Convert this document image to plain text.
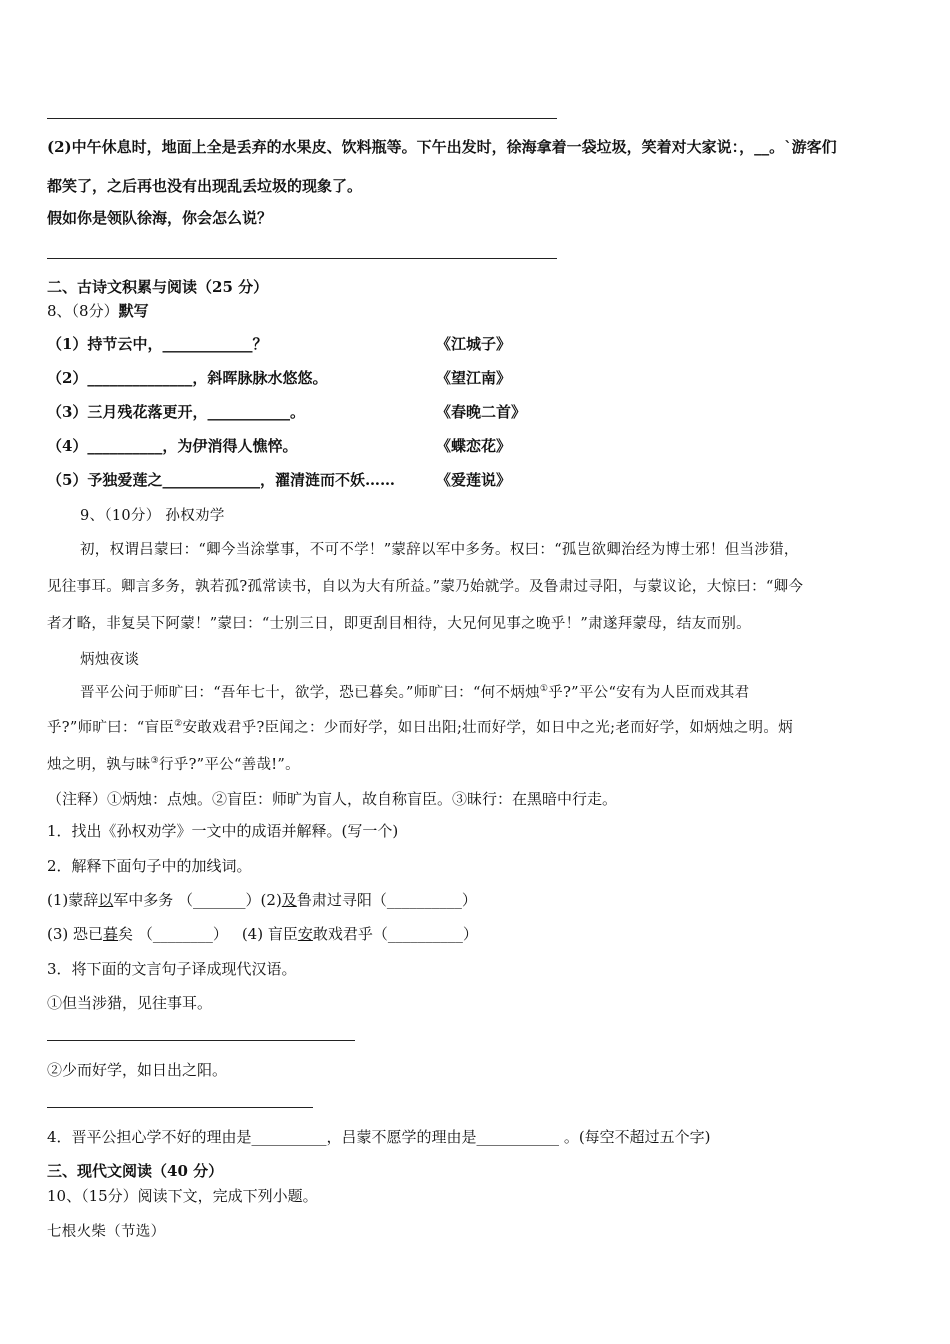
(2)中午休息时，地面上全是丢弃的水果皮、饮料瓶等。下午出发时，徐海拿着一袋垃圾，笑着对大家说：，__。`游客们
都笑了，之后再也没有出现乱丢垃圾的现象了。
假如你是领队徐海，你会怎么说？
二、古诗文积累与阅读（25 分）
8、（8分）默写
（1）持节云中，____________？	《江城子》
（2）______________，斜晖脉脉水悠悠。	《望江南》
（3）三月残花落更开，___________。	《春晚二首》
（4）__________，为伊消得人憔悴。	《蝶恋花》
（5）予独爱莲之_____________，濯清涟而不妖……	《爱莲说》
9、（10分） 孙权劝学
初，权谓吕蒙曰：“卿今当涂掌事，不可不学！”蒙辞以军中多务。权曰：“孤岂欲卿治经为博士邪！但当涉猎，
见往事耳。卿言多务，孰若孤?孤常读书，自以为大有所益。”蒙乃始就学。及鲁肃过寻阳，与蒙议论，大惊曰：“卿今
者才略，非复吴下阿蒙！”蒙曰：“士别三日，即更刮目相待，大兄何见事之晚乎！”肃遂拜蒙母，结友而别。
炳烛夜谈
晋平公问于师旷曰：“吾年七十，欲学，恐已暮矣。”师旷曰：“何不炳烛①乎?”平公“安有为人臣而戏其君
乎?”师旷曰：“盲臣②安敢戏君乎?臣闻之：少而好学，如日出阳;壮而好学，如日中之光;老而好学，如炳烛之明。炳
烛之明，孰与昧③行乎?”平公“善哉!”。
（注释）①炳烛：点烛。②盲臣：师旷为盲人，故自称盲臣。③昧行：在黑暗中行走。
1．找出《孙权劝学》一文中的成语并解释。(写一个)
2．解释下面句子中的加线词。
(1)蒙辞以军中多务 （_______）(2)及鲁肃过寻阳（__________）
(3) 恐已暮矣 （________） (4) 盲臣安敢戏君乎（__________）
3．将下面的文言句子译成现代汉语。
①但当涉猎，见往事耳。
②少而好学，如日出之阳。
4．晋平公担心学不好的理由是__________，吕蒙不愿学的理由是___________ 。(每空不超过五个字)
三、现代文阅读（40 分）
10、（15分）阅读下文，完成下列小题。
七根火柴（节选）
